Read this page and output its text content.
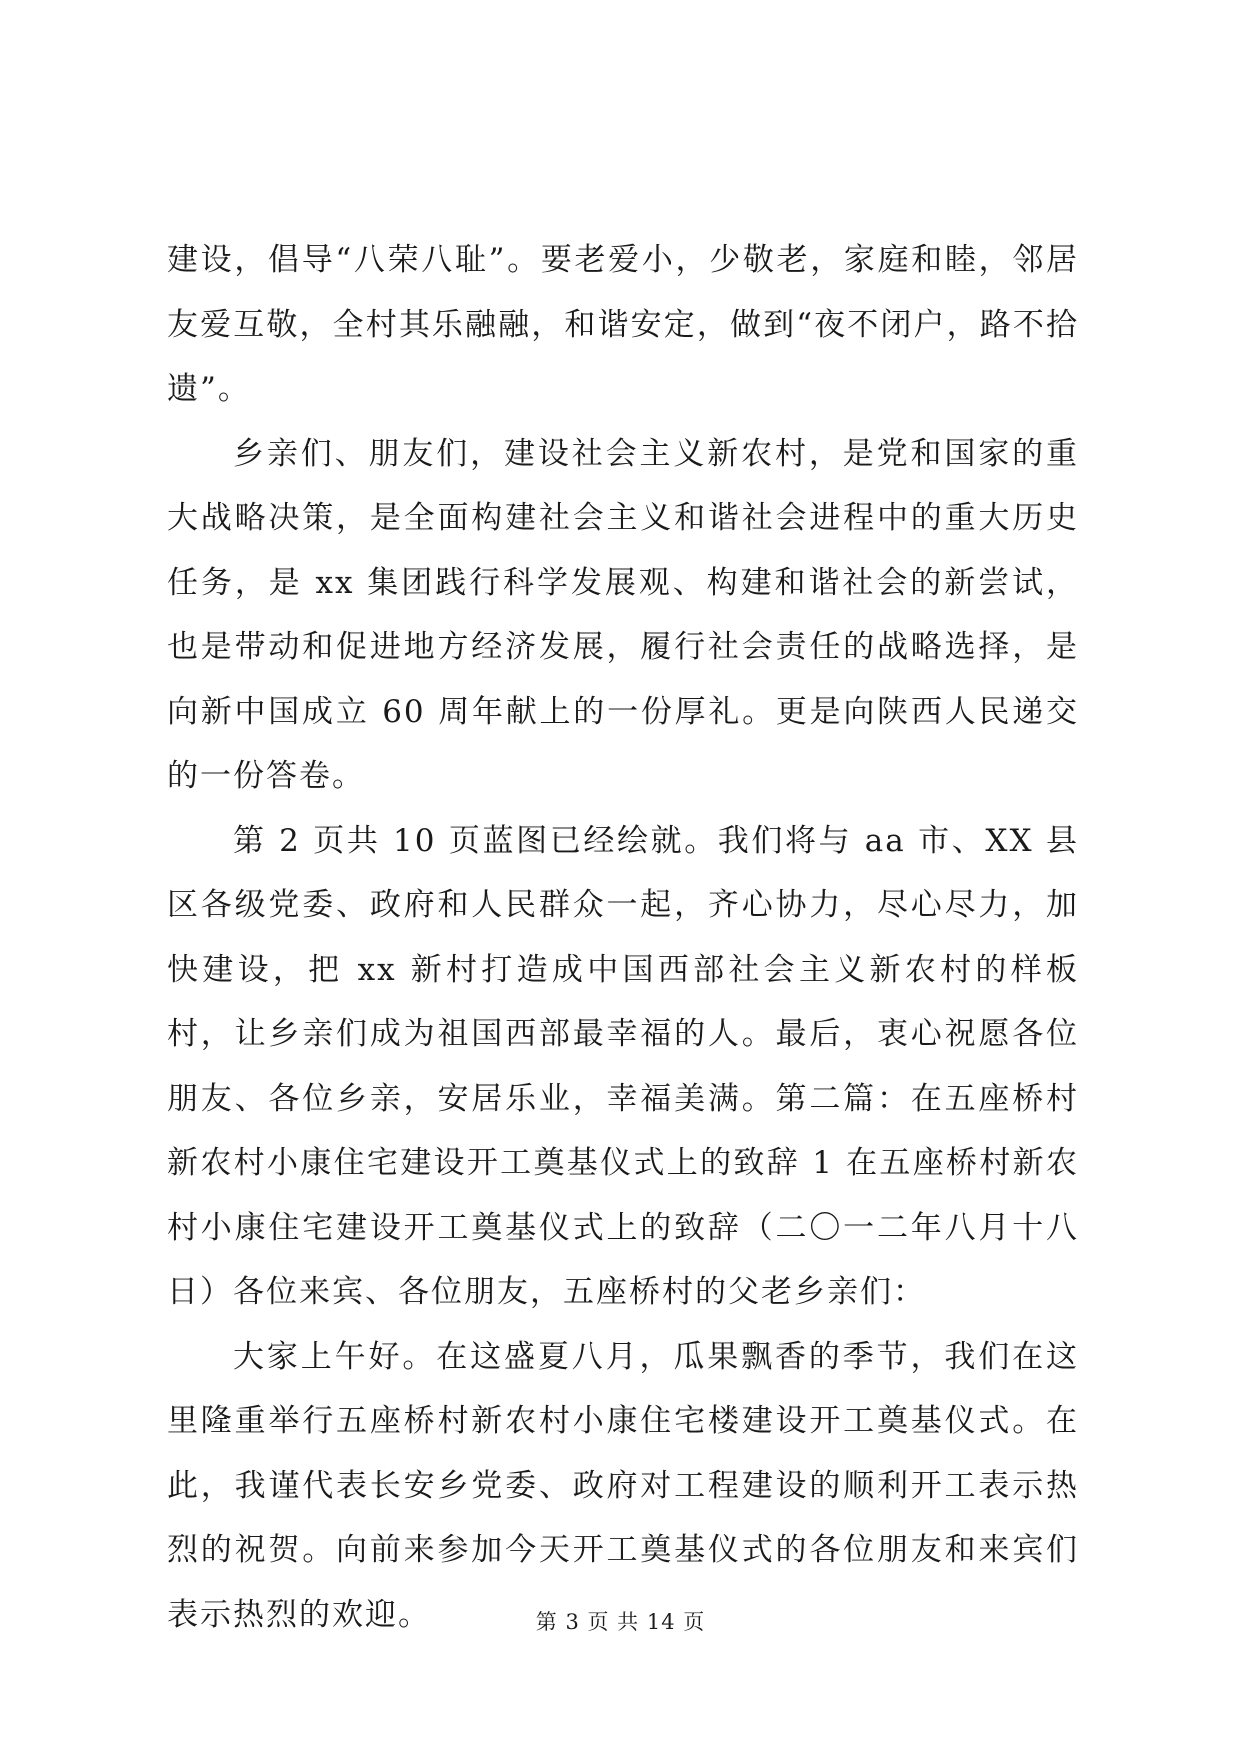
建设，倡导“八荣八耻”。要老爱小，少敬老，家庭和睦，邻居友爱互敬，全村其乐融融，和谐安定，做到“夜不闭户，路不拾遗”。

乡亲们、朋友们，建设社会主义新农村，是党和国家的重大战略决策，是全面构建社会主义和谐社会进程中的重大历史任务，是 xx 集团践行科学发展观、构建和谐社会的新尝试，也是带动和促进地方经济发展，履行社会责任的战略选择，是向新中国成立 60 周年献上的一份厚礼。更是向陕西人民递交的一份答卷。

第 2 页共 10 页蓝图已经绘就。我们将与 aa 市、XX 县区各级党委、政府和人民群众一起，齐心协力，尽心尽力，加快建设，把 xx 新村打造成中国西部社会主义新农村的样板村，让乡亲们成为祖国西部最幸福的人。最后，衷心祝愿各位朋友、各位乡亲，安居乐业，幸福美满。第二篇：在五座桥村新农村小康住宅建设开工奠基仪式上的致辞 1 在五座桥村新农村小康住宅建设开工奠基仪式上的致辞（二〇一二年八月十八日）各位来宾、各位朋友，五座桥村的父老乡亲们：

大家上午好。在这盛夏八月，瓜果飘香的季节，我们在这里隆重举行五座桥村新农村小康住宅楼建设开工奠基仪式。在此，我谨代表长安乡党委、政府对工程建设的顺利开工表示热烈的祝贺。向前来参加今天开工奠基仪式的各位朋友和来宾们表示热烈的欢迎。	第 3 页 共 14 页
